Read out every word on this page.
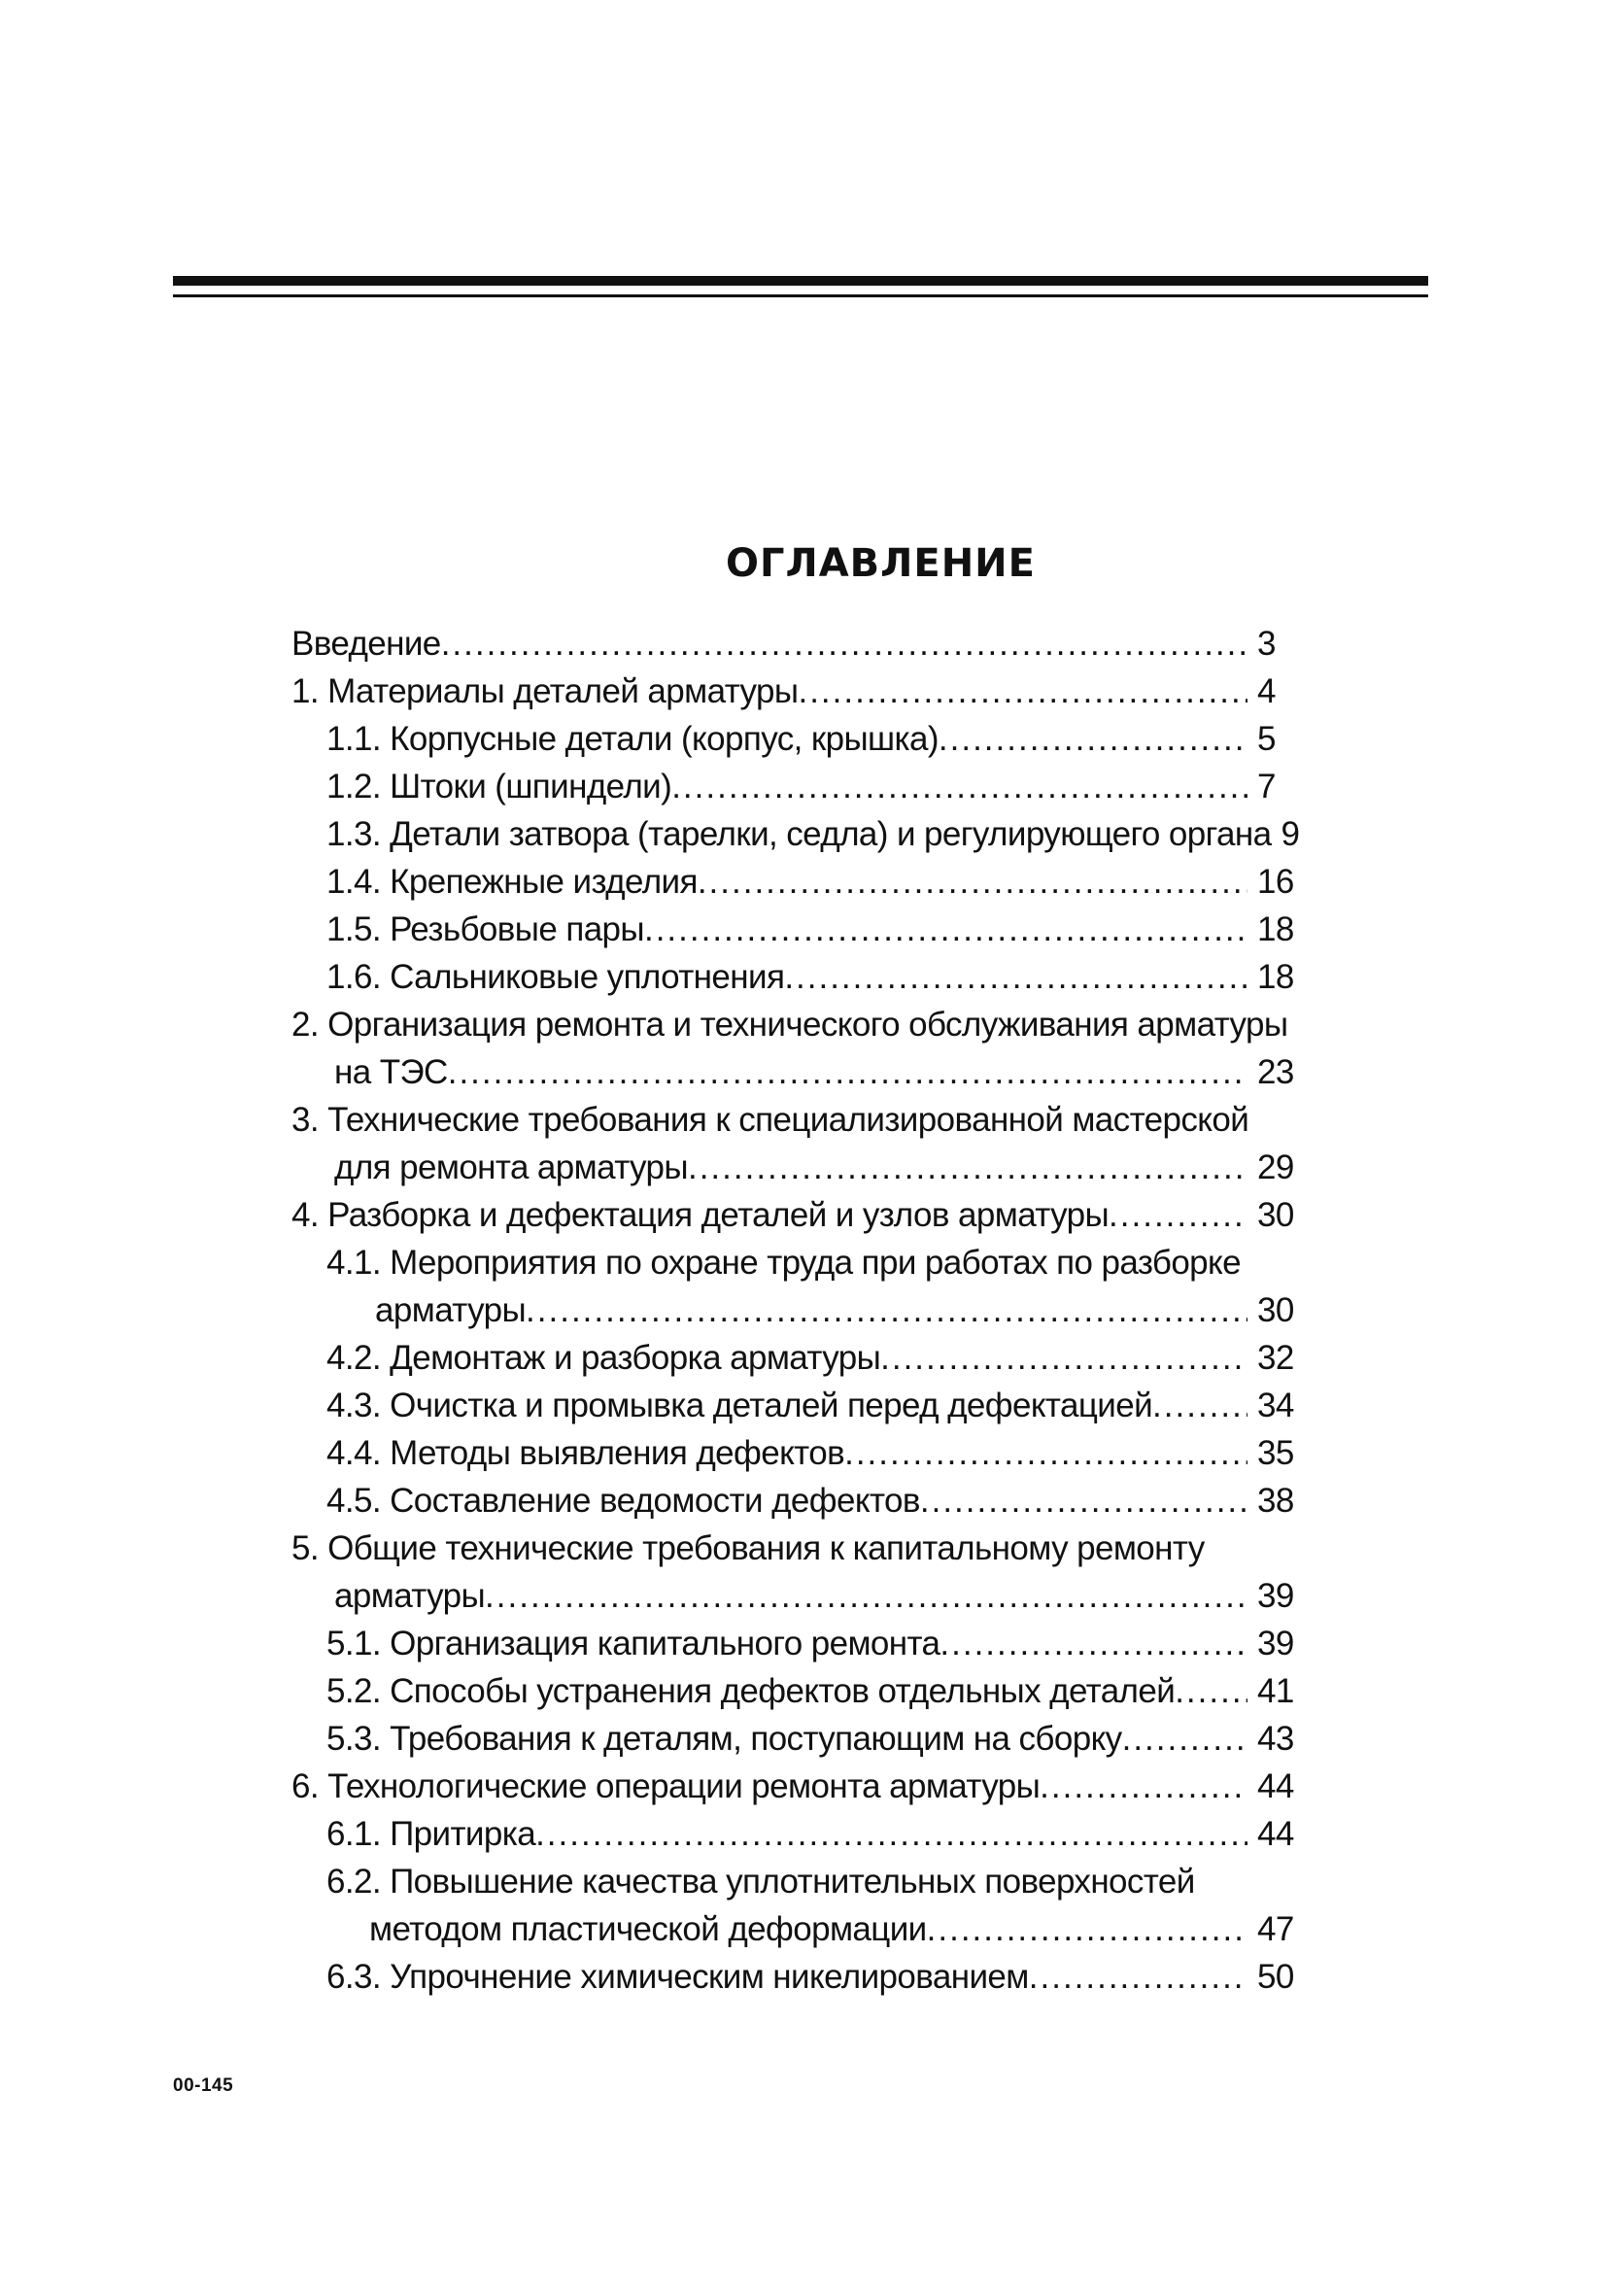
ОГЛАВЛЕНИЕ
Введение .....	3
1. Материалы деталей арматуры .....	4
1.1. Корпусные детали (корпус, крышка) .....	5
1.2. Штоки (шпиндели) .....	7
1.3. Детали затвора (тарелки, седла) и регулирующего органа 9
1.4. Крепежные изделия .....	16
1.5. Резьбовые пары .....	18
1.6. Сальниковые уплотнения .....	18
2. Организация ремонта и технического обслуживания арматуры
на ТЭС .....	23
3. Технические требования к специализированной мастерской
для ремонта арматуры .....	29
4. Разборка и дефектация деталей и узлов арматуры .....	30
4.1. Мероприятия по охране труда при работах по разборке
арматуры .....	30
4.2. Демонтаж и разборка арматуры .....	32
4.3. Очистка и промывка деталей перед дефектацией .....	34
4.4. Методы выявления дефектов .....	35
4.5. Составление ведомости дефектов .....	38
5. Общие технические требования к капитальному ремонту
арматуры .....	39
5.1. Организация капитального ремонта .....	39
5.2. Способы устранения дефектов отдельных деталей ..... 41
5.3. Требования к деталям, поступающим на сборку .....	43
6. Технологические операции ремонта арматуры .....	44
6.1. Притирка .....	44
6.2. Повышение качества уплотнительных поверхностей
методом пластической деформации .....	47
6.3. Упрочнение химическим никелированием .....	50
00-145
